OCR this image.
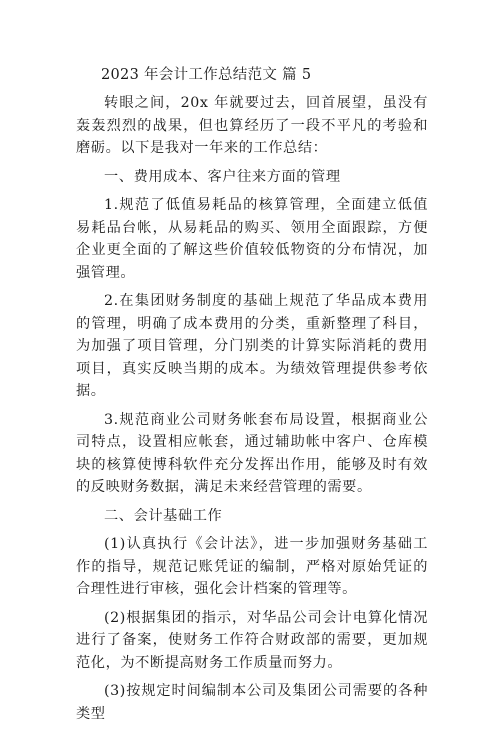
2023 年会计工作总结范文 篇 5

转眼之间，20x 年就要过去，回首展望，虽没有轰轰烈烈的战果，但也算经历了一段不平凡的考验和磨砺。以下是我对一年来的工作总结：

一、费用成本、客户往来方面的管理

1.规范了低值易耗品的核算管理，全面建立低值易耗品台帐，从易耗品的购买、领用全面跟踪，方便企业更全面的了解这些价值较低物资的分布情况，加强管理。

2.在集团财务制度的基础上规范了华品成本费用的管理，明确了成本费用的分类，重新整理了科目，为加强了项目管理，分门别类的计算实际消耗的费用项目，真实反映当期的成本。为绩效管理提供参考依据。

3.规范商业公司财务帐套布局设置，根据商业公司特点，设置相应帐套，通过辅助帐中客户、仓库模块的核算使博科软件充分发挥出作用，能够及时有效的反映财务数据，满足未来经营管理的需要。

二、会计基础工作

(1)认真执行《会计法》，进一步加强财务基础工作的指导，规范记账凭证的编制，严格对原始凭证的合理性进行审核，强化会计档案的管理等。

(2)根据集团的指示，对华品公司会计电算化情况进行了备案，使财务工作符合财政部的需要，更加规范化，为不断提高财务工作质量而努力。

(3)按规定时间编制本公司及集团公司需要的各种类型
